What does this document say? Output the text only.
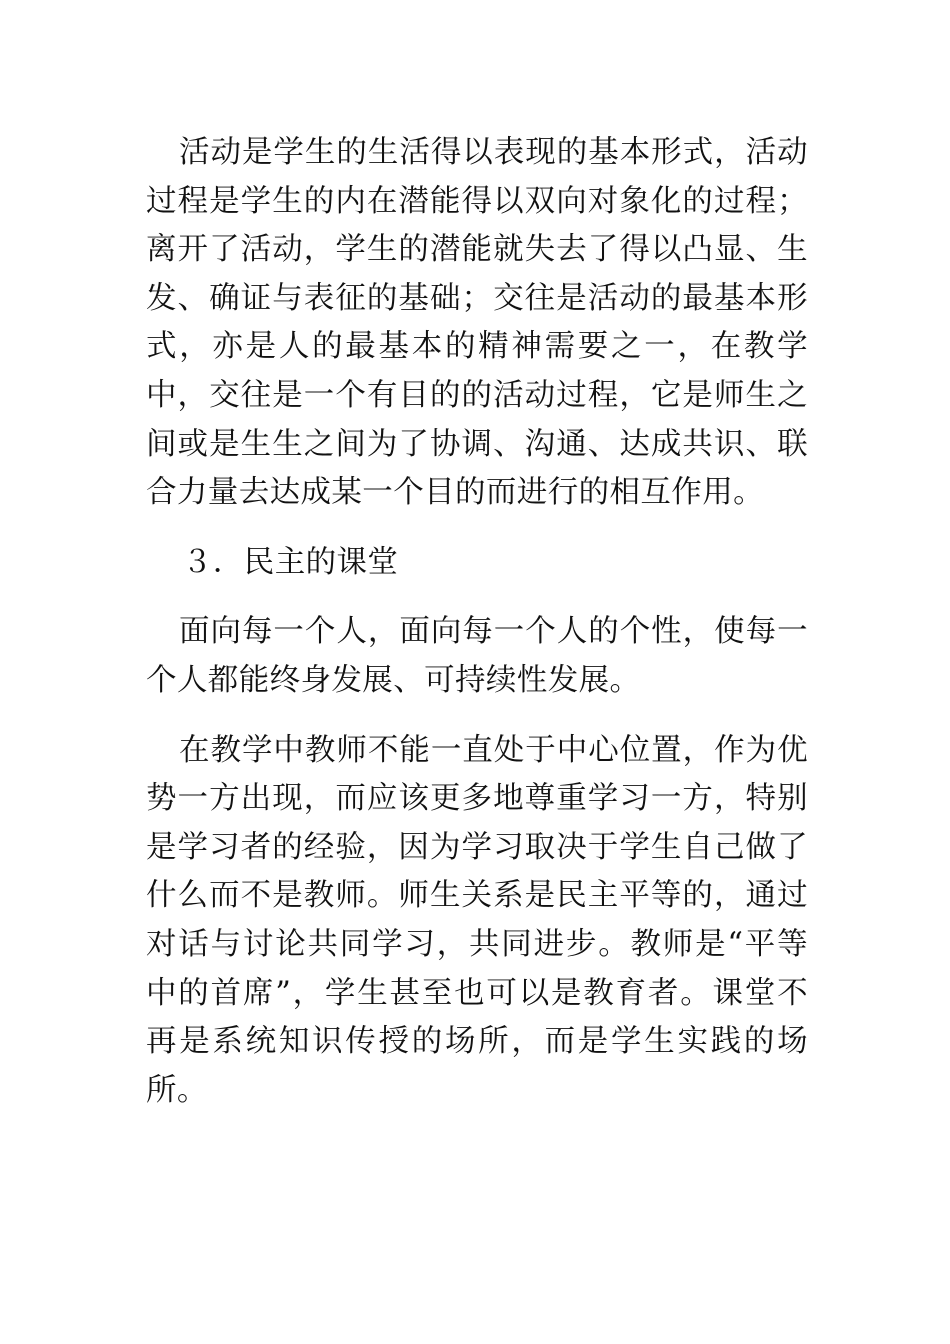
活动是学生的生活得以表现的基本形式，活动过程是学生的内在潜能得以双向对象化的过程；离开了活动，学生的潜能就失去了得以凸显、生发、确证与表征的基础；交往是活动的最基本形式，亦是人的最基本的精神需要之一，在教学中，交往是一个有目的的活动过程，它是师生之间或是生生之间为了协调、沟通、达成共识、联合力量去达成某一个目的而进行的相互作用。

３．民主的课堂

面向每一个人，面向每一个人的个性，使每一个人都能终身发展、可持续性发展。

在教学中教师不能一直处于中心位置，作为优势一方出现，而应该更多地尊重学习一方，特别是学习者的经验，因为学习取决于学生自己做了什么而不是教师。师生关系是民主平等的，通过对话与讨论共同学习，共同进步。教师是“平等中的首席”，学生甚至也可以是教育者。课堂不再是系统知识传授的场所，而是学生实践的场所。
